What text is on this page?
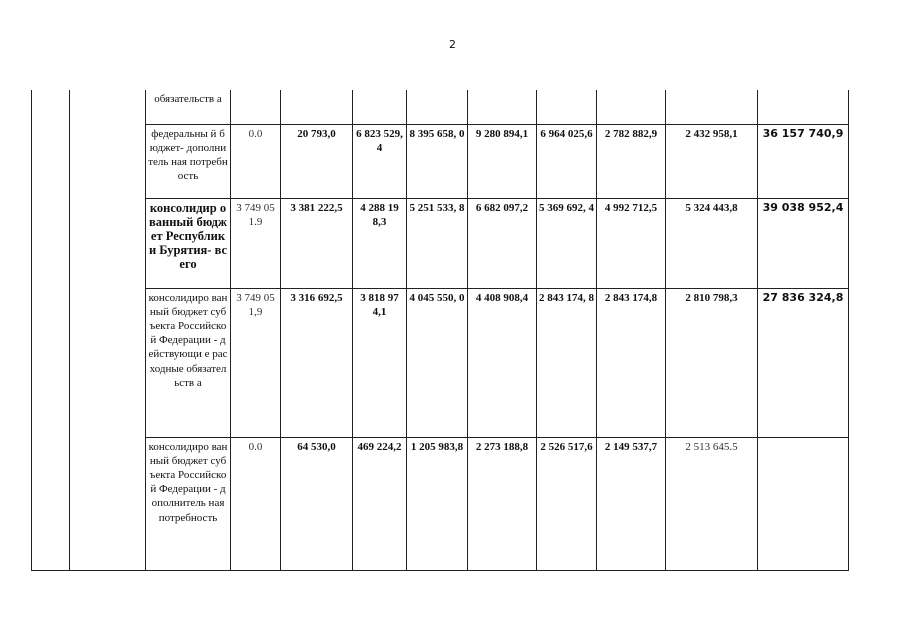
2
		обязательств а									
		федеральны й бюджет- дополнитель ная потребность	0.0	20 793,0	6 823 529,4	8 395 658, 0	9 280 894,1	6 964 025,6	2 782 882,9	2 432 958,1	36 157 740,9
		консолидир ованный бюджет Республики Бурятия- всего	3 749 051.9	3 381 222,5	4 288 19 8,3	5 251 533, 8	6 682 097,2	5 369 692, 4	4 992 712,5	5 324 443,8	39 038 952,4
		консолидиро ванный бюджет субъекта Российской Федерации - действующи е расходные обязательств а	3 749 051,9	3 316 692,5	3 818 97 4,1	4 045 550, 0	4 408 908,4	2 843 174, 8	2 843 174,8	2 810 798,3	27 836 324,8
		консолидиро ванный бюджет субъекта Российской Федерации - дополнитель ная потребность	0.0	64 530,0	469 224,2	1 205 983,8	2 273 188,8	2 526 517,6	2 149 537,7	2 513 645.5	
